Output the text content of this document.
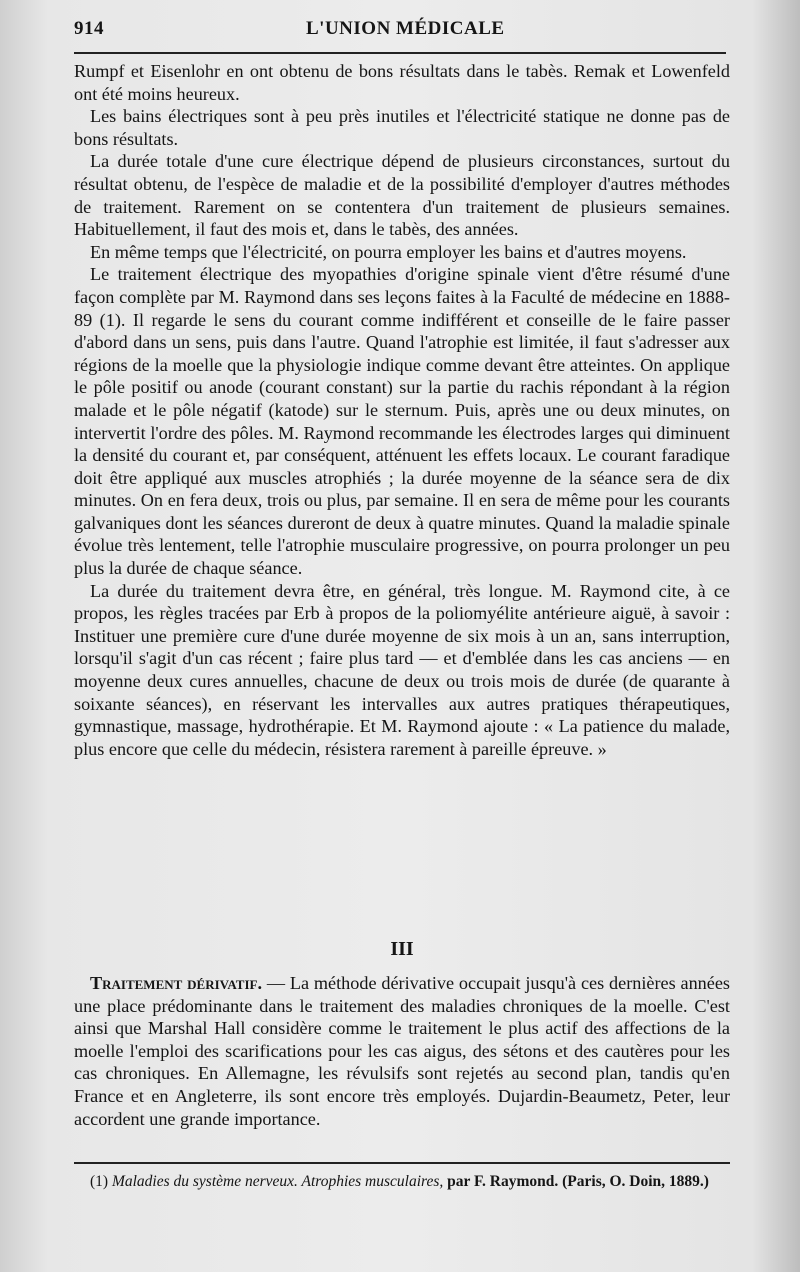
914	L'UNION MÉDICALE

Rumpf et Eisenlohr en ont obtenu de bons résultats dans le tabès. Remak et Lowenfeld ont été moins heureux.

Les bains électriques sont à peu près inutiles et l'électricité statique ne donne pas de bons résultats.

La durée totale d'une cure électrique dépend de plusieurs circonstances, surtout du résultat obtenu, de l'espèce de maladie et de la possibilité d'employer d'autres méthodes de traitement. Rarement on se contentera d'un traitement de plusieurs semaines. Habituellement, il faut des mois et, dans le tabès, des années.

En même temps que l'électricité, on pourra employer les bains et d'autres moyens.

Le traitement électrique des myopathies d'origine spinale vient d'être résumé d'une façon complète par M. Raymond dans ses leçons faites à la Faculté de médecine en 1888-89 (1). Il regarde le sens du courant comme indifférent et conseille de le faire passer d'abord dans un sens, puis dans l'autre. Quand l'atrophie est limitée, il faut s'adresser aux régions de la moelle que la physiologie indique comme devant être atteintes. On applique le pôle positif ou anode (courant constant) sur la partie du rachis répondant à la région malade et le pôle négatif (katode) sur le sternum. Puis, après une ou deux minutes, on intervertit l'ordre des pôles. M. Raymond recommande les électrodes larges qui diminuent la densité du courant et, par conséquent, atténuent les effets locaux. Le courant faradique doit être appliqué aux muscles atrophiés ; la durée moyenne de la séance sera de dix minutes. On en fera deux, trois ou plus, par semaine. Il en sera de même pour les courants galvaniques dont les séances dureront de deux à quatre minutes. Quand la maladie spinale évolue très lentement, telle l'atrophie musculaire progressive, on pourra prolonger un peu plus la durée de chaque séance.

La durée du traitement devra être, en général, très longue. M. Raymond cite, à ce propos, les règles tracées par Erb à propos de la poliomyélite antérieure aiguë, à savoir : Instituer une première cure d'une durée moyenne de six mois à un an, sans interruption, lorsqu'il s'agit d'un cas récent ; faire plus tard — et d'emblée dans les cas anciens — en moyenne deux cures annuelles, chacune de deux ou trois mois de durée (de quarante à soixante séances), en réservant les intervalles aux autres pratiques thérapeutiques, gymnastique, massage, hydrothérapie. Et M. Raymond ajoute : « La patience du malade, plus encore que celle du médecin, résistera rarement à pareille épreuve. »

III

Traitement dérivatif. — La méthode dérivative occupait jusqu'à ces dernières années une place prédominante dans le traitement des maladies chroniques de la moelle. C'est ainsi que Marshal Hall considère comme le traitement le plus actif des affections de la moelle l'emploi des scarifications pour les cas aigus, des sétons et des cautères pour les cas chroniques. En Allemagne, les révulsifs sont rejetés au second plan, tandis qu'en France et en Angleterre, ils sont encore très employés. Dujardin-Beaumetz, Peter, leur accordent une grande importance.

(1) Maladies du système nerveux. Atrophies musculaires, par F. Raymond. (Paris, O. Doin, 1889.)
